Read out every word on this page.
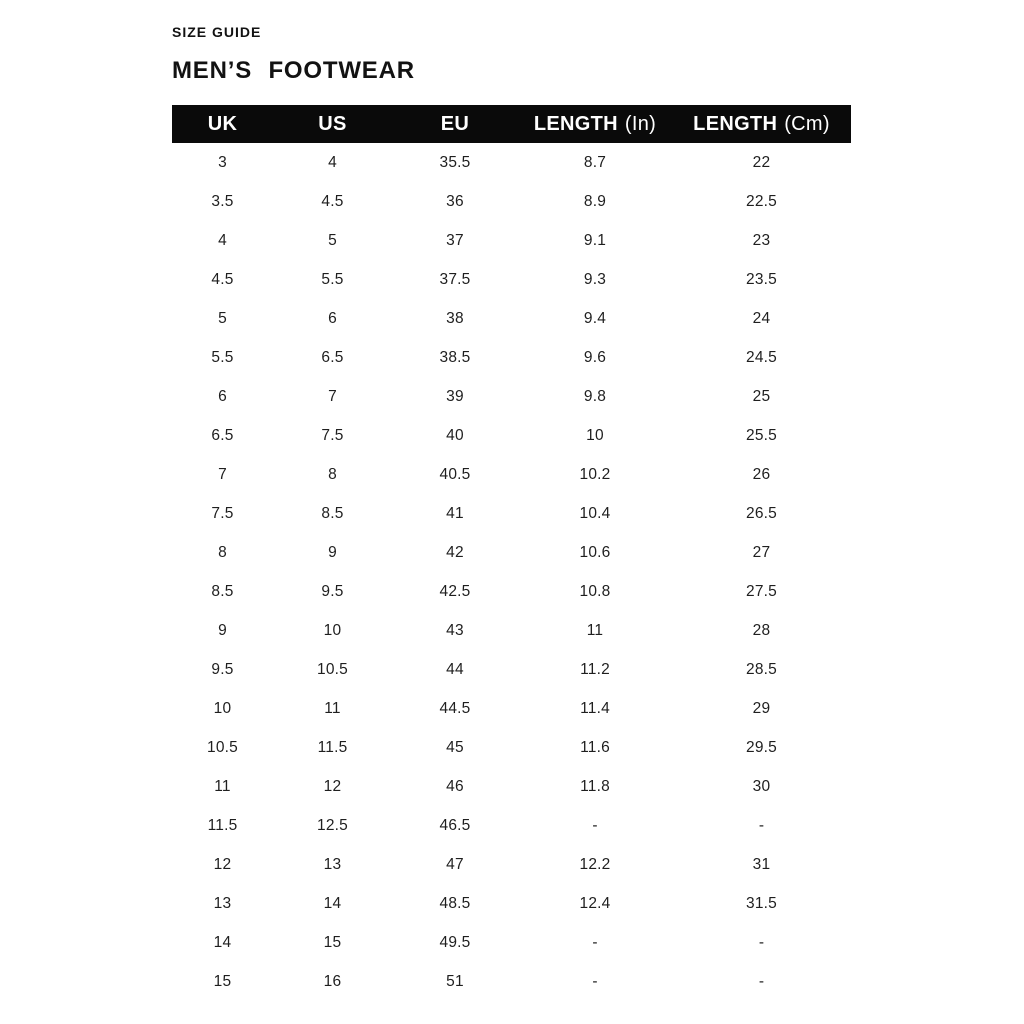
SIZE GUIDE
MEN’S FOOTWEAR
UK	US	EU	LENGTH (In)	LENGTH (Cm)
3	4	35.5	8.7	22
3.5	4.5	36	8.9	22.5
4	5	37	9.1	23
4.5	5.5	37.5	9.3	23.5
5	6	38	9.4	24
5.5	6.5	38.5	9.6	24.5
6	7	39	9.8	25
6.5	7.5	40	10	25.5
7	8	40.5	10.2	26
7.5	8.5	41	10.4	26.5
8	9	42	10.6	27
8.5	9.5	42.5	10.8	27.5
9	10	43	11	28
9.5	10.5	44	11.2	28.5
10	11	44.5	11.4	29
10.5	11.5	45	11.6	29.5
11	12	46	11.8	30
11.5	12.5	46.5	-	-
12	13	47	12.2	31
13	14	48.5	12.4	31.5
14	15	49.5	-	-
15	16	51	-	-
